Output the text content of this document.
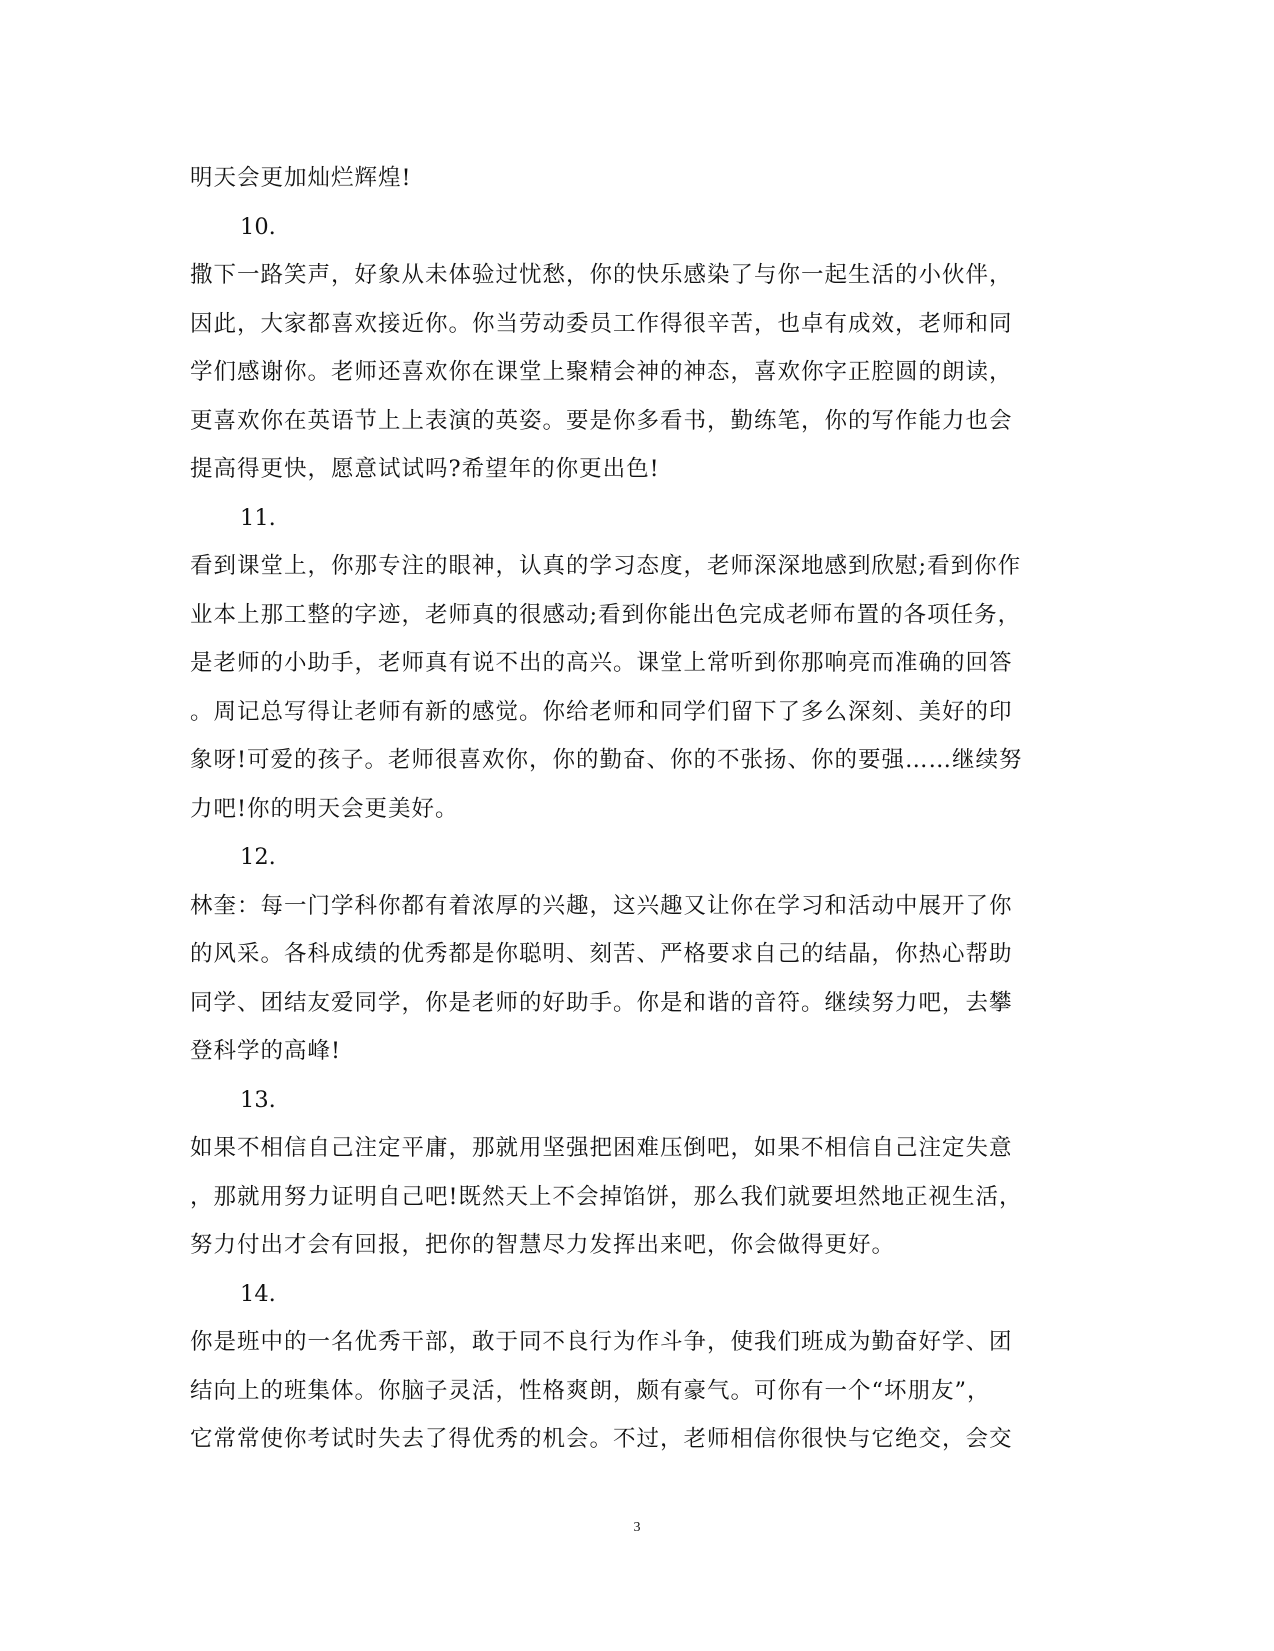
明天会更加灿烂辉煌!
10.
撒下一路笑声，好象从未体验过忧愁，你的快乐感染了与你一起生活的小伙伴，
因此，大家都喜欢接近你。你当劳动委员工作得很辛苦，也卓有成效，老师和同
学们感谢你。老师还喜欢你在课堂上聚精会神的神态，喜欢你字正腔圆的朗读，
更喜欢你在英语节上上表演的英姿。要是你多看书，勤练笔，你的写作能力也会
提高得更快，愿意试试吗?希望年的你更出色!
11.
看到课堂上，你那专注的眼神，认真的学习态度，老师深深地感到欣慰;看到你作
业本上那工整的字迹，老师真的很感动;看到你能出色完成老师布置的各项任务，
是老师的小助手，老师真有说不出的高兴。课堂上常听到你那响亮而准确的回答
。周记总写得让老师有新的感觉。你给老师和同学们留下了多么深刻、美好的印
象呀!可爱的孩子。老师很喜欢你，你的勤奋、你的不张扬、你的要强……继续努
力吧!你的明天会更美好。
12.
林奎：每一门学科你都有着浓厚的兴趣，这兴趣又让你在学习和活动中展开了你
的风采。各科成绩的优秀都是你聪明、刻苦、严格要求自己的结晶，你热心帮助
同学、团结友爱同学，你是老师的好助手。你是和谐的音符。继续努力吧，去攀
登科学的高峰!
13.
如果不相信自己注定平庸，那就用坚强把困难压倒吧，如果不相信自己注定失意
，那就用努力证明自己吧!既然天上不会掉馅饼，那么我们就要坦然地正视生活，
努力付出才会有回报，把你的智慧尽力发挥出来吧，你会做得更好。
14.
你是班中的一名优秀干部，敢于同不良行为作斗争，使我们班成为勤奋好学、团
结向上的班集体。你脑子灵活，性格爽朗，颇有豪气。可你有一个“坏朋友”，
它常常使你考试时失去了得优秀的机会。不过，老师相信你很快与它绝交，会交
3
